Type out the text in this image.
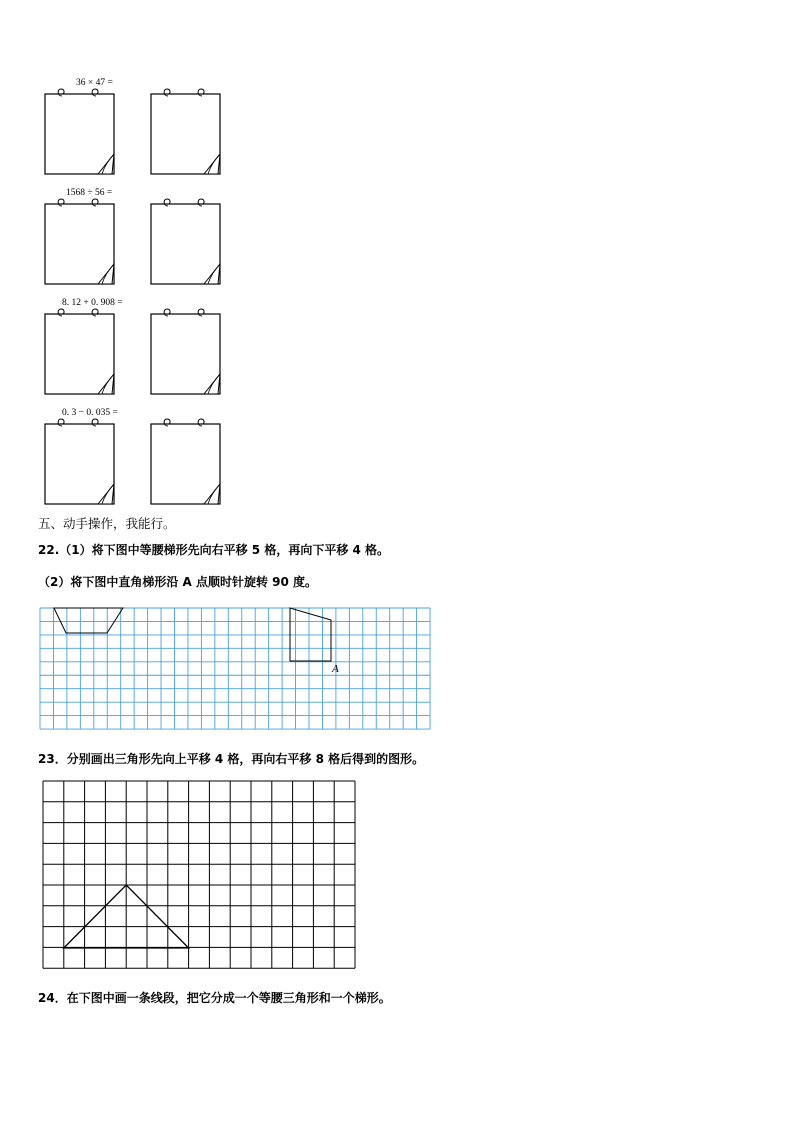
36 × 47 =
1568 ÷ 56 =
8. 12 + 0. 908 =
0. 3 − 0. 035 =
五、动手操作，我能行。
22.（1）将下图中等腰梯形先向右平移 5 格，再向下平移 4 格。
（2）将下图中直角梯形沿 A 点顺时针旋转 90 度。
A
23．分别画出三角形先向上平移 4 格，再向右平移 8 格后得到的图形。
24．在下图中画一条线段，把它分成一个等腰三角形和一个梯形。
